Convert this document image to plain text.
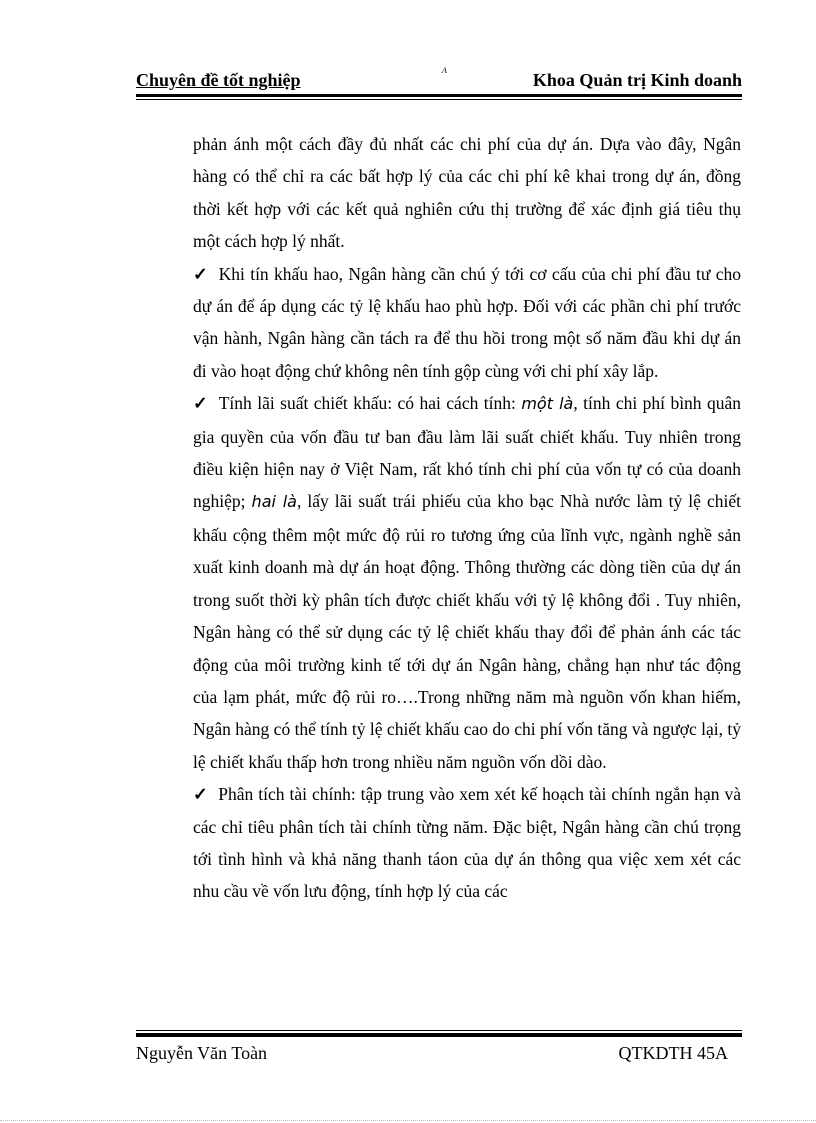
Chuyên đề tốt nghiệp	A	Khoa Quản trị Kinh doanh

phản ánh một cách đầy đủ nhất các chi phí của dự án. Dựa vào đây, Ngân hàng có thể chỉ ra các bất hợp lý của các chi phí kê khai trong dự án, đồng thời kết hợp với các kết quả nghiên cứu thị trường để xác định giá tiêu thụ một cách hợp lý nhất.

✓ Khi tín khấu hao, Ngân hàng cần chú ý tới cơ cấu của chi phí đầu tư cho dự án để áp dụng các tỷ lệ khấu hao phù hợp. Đối với các phần chi phí trước vận hành, Ngân hàng cần tách ra để thu hồi trong một số năm đầu khi dự án đi vào hoạt động chứ không nên tính gộp cùng với chi phí xây lắp.

✓ Tính lãi suất chiết khấu: có hai cách tính: một là, tính chi phí bình quân gia quyền của vốn đầu tư ban đầu làm lãi suất chiết khấu. Tuy nhiên trong điều kiện hiện nay ở Việt Nam, rất khó tính chi phí của vốn tự có của doanh nghiệp; hai là, lấy lãi suất trái phiếu của kho bạc Nhà nước làm tỷ lệ chiết khấu cộng thêm một mức độ rủi ro tương ứng của lĩnh vực, ngành nghề sản xuất kinh doanh mà dự án hoạt động. Thông thường các dòng tiền của dự án trong suốt thời kỳ phân tích được chiết khấu với tỷ lệ không đổi . Tuy nhiên, Ngân hàng có thể sử dụng các tỷ lệ chiết khấu thay đổi để phản ánh các tác động của môi trường kinh tế tới dự án Ngân hàng, chẳng hạn như tác động của lạm phát, mức độ rủi ro….Trong những năm mà nguồn vốn khan hiếm, Ngân hàng có thể tính tỷ lệ chiết khấu cao do chi phí vốn tăng và ngược lại, tỷ lệ chiết khấu thấp hơn trong nhiều năm nguồn vốn dồi dào.

✓ Phân tích tài chính: tập trung vào xem xét kế hoạch tài chính ngắn hạn và các chỉ tiêu phân tích tài chính từng năm. Đặc biệt, Ngân hàng cần chú trọng tới tình hình và khả năng thanh táon của dự án thông qua việc xem xét các nhu cầu về vốn lưu động, tính hợp lý của các

Nguyễn Văn Toàn	QTKDTH 45A
